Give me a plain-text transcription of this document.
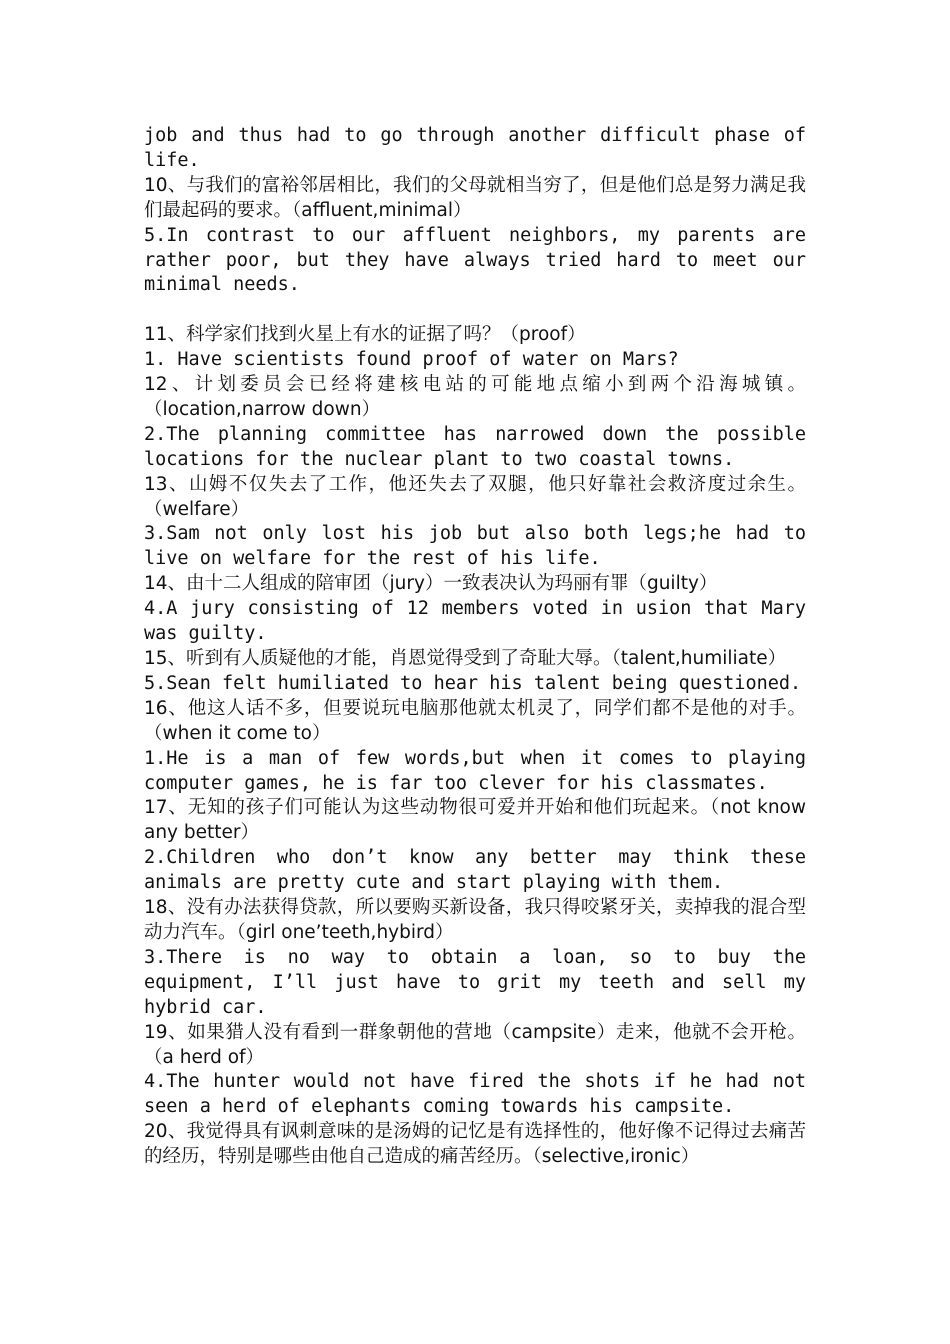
job and thus had to go through another difficult phase of life.
10、与我们的富裕邻居相比，我们的父母就相当穷了，但是他们总是努力满足我们最起码的要求。（affluent,minimal）
5.In contrast to our affluent neighbors, my parents are rather poor, but they have always tried hard to meet our minimal needs.
11、科学家们找到火星上有水的证据了吗？（proof）
1. Have scientists found proof of water on Mars?
12、计划委员会已经将建核电站的可能地点缩小到两个沿海城镇。（location,narrow down）
2.The planning committee has narrowed down the possible locations for the nuclear plant to two coastal towns.
13、山姆不仅失去了工作，他还失去了双腿，他只好靠社会救济度过余生。（welfare）
3.Sam not only lost his job but also both legs;he had to live on welfare for the rest of his life.
14、由十二人组成的陪审团（jury）一致表决认为玛丽有罪（guilty）
4.A jury consisting of 12 members voted in usion that Mary was guilty.
15、听到有人质疑他的才能，肖恩觉得受到了奇耻大辱。（talent,humiliate）
5.Sean felt humiliated to hear his talent being questioned.
16、他这人话不多，但要说玩电脑那他就太机灵了，同学们都不是他的对手。（when it come to）
1.He is a man of few words,but when it comes to playing computer games, he is far too clever for his classmates.
17、无知的孩子们可能认为这些动物很可爱并开始和他们玩起来。（not know any better）
2.Children who don’t know any better may think these animals are pretty cute and start playing with them.
18、没有办法获得贷款，所以要购买新设备，我只得咬紧牙关，卖掉我的混合型动力汽车。（girl one’teeth,hybird）
3.There is no way to obtain a loan, so to buy the equipment, I’ll just have to grit my teeth and sell my hybrid car.
19、如果猎人没有看到一群象朝他的营地（campsite）走来，他就不会开枪。（a herd of）
4.The hunter would not have fired the shots if he had not seen a herd of elephants coming towards his campsite.
20、我觉得具有讽刺意味的是汤姆的记忆是有选择性的，他好像不记得过去痛苦的经历，特别是哪些由他自己造成的痛苦经历。（selective,ironic）
